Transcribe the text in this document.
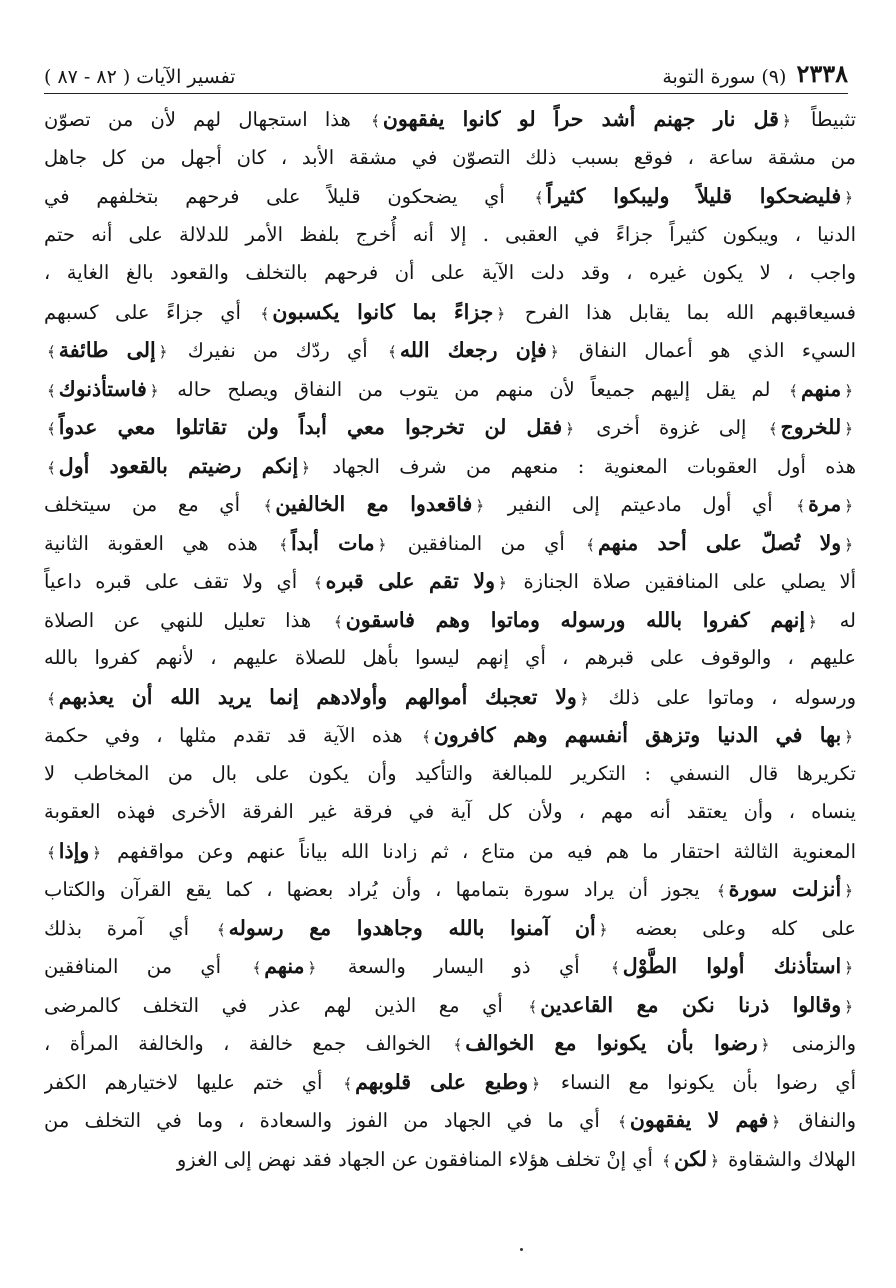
٢٣٣٨
(٩) سورة التوبة
تفسير الآيات ( ٨٢ - ٨٧ )
تثبيطاً ﴿قل نار جهنم أشد حراً لو كانوا يفقهون﴾ هذا استجهال لهم لأن من تصوّن
من مشقة ساعة ، فوقع بسبب ذلك التصوّن في مشقة الأبد ، كان أجهل من كل جاهل
﴿فليضحكوا قليلاً وليبكوا كثيراً﴾ أي يضحكون قليلاً على فرحهم بتخلفهم في
الدنيا ، ويبكون كثيراً جزاءً في العقبى . إلا أنه أُخرج بلفظ الأمر للدلالة على أنه حتم
واجب ، لا يكون غيره ، وقد دلت الآية على أن فرحهم بالتخلف والقعود بالغ الغاية ،
فسيعاقبهم الله بما يقابل هذا الفرح ﴿جزاءً بما كانوا يكسبون﴾ أي جزاءً على كسبهم
السيء الذي هو أعمال النفاق ﴿فإن رجعك الله﴾ أي ردّك من نفيرك ﴿إلى طائفة﴾
﴿منهم﴾ لم يقل إليهم جميعاً لأن منهم من يتوب من النفاق ويصلح حاله ﴿فاستأذنوك﴾
﴿للخروج﴾ إلى غزوة أخرى ﴿فقل لن تخرجوا معي أبداً ولن تقاتلوا معي عدواً﴾
هذه أول العقوبات المعنوية : منعهم من شرف الجهاد ﴿إنكم رضيتم بالقعود أول﴾
﴿مرة﴾ أي أول مادعيتم إلى النفير ﴿فاقعدوا مع الخالفين﴾ أي مع من سيتخلف
﴿ولا تُصلّ على أحد منهم﴾ أي من المنافقين ﴿مات أبداً﴾ هذه هي العقوبة الثانية
ألا يصلي على المنافقين صلاة الجنازة ﴿ولا تقم على قبره﴾ أي ولا تقف على قبره داعياً
له ﴿إنهم كفروا بالله ورسوله وماتوا وهم فاسقون﴾ هذا تعليل للنهي عن الصلاة
عليهم ، والوقوف على قبرهم ، أي إنهم ليسوا بأهل للصلاة عليهم ، لأنهم كفروا بالله
ورسوله ، وماتوا على ذلك ﴿ولا تعجبك أموالهم وأولادهم إنما يريد الله أن يعذبهم﴾
﴿بها في الدنيا وتزهق أنفسهم وهم كافرون﴾ هذه الآية قد تقدم مثلها ، وفي حكمة
تكريرها قال النسفي : التكرير للمبالغة والتأكيد وأن يكون على بال من المخاطب لا
ينساه ، وأن يعتقد أنه مهم ، ولأن كل آية في فرقة غير الفرقة الأخرى فهذه العقوبة
المعنوية الثالثة احتقار ما هم فيه من متاع ، ثم زادنا الله بياناً عنهم وعن مواقفهم ﴿وإذا﴾
﴿أنزلت سورة﴾ يجوز أن يراد سورة بتمامها ، وأن يُراد بعضها ، كما يقع القرآن والكتاب
على كله وعلى بعضه ﴿أن آمنوا بالله وجاهدوا مع رسوله﴾ أي آمرة بذلك
﴿استأذنك أولوا الطَّوْل﴾ أي ذو اليسار والسعة ﴿منهم﴾ أي من المنافقين
﴿وقالوا ذرنا نكن مع القاعدين﴾ أي مع الذين لهم عذر في التخلف كالمرضى
والزمنى ﴿رضوا بأن يكونوا مع الخوالف﴾ الخوالف جمع خالفة ، والخالفة المرأة ،
أي رضوا بأن يكونوا مع النساء ﴿وطبع على قلوبهم﴾ أي ختم عليها لاختيارهم الكفر
والنفاق ﴿فهم لا يفقهون﴾ أي ما في الجهاد من الفوز والسعادة ، وما في التخلف من
الهلاك والشقاوة ﴿لكن﴾ أي إنْ تخلف هؤلاء المنافقون عن الجهاد فقد نهض إلى الغزو
